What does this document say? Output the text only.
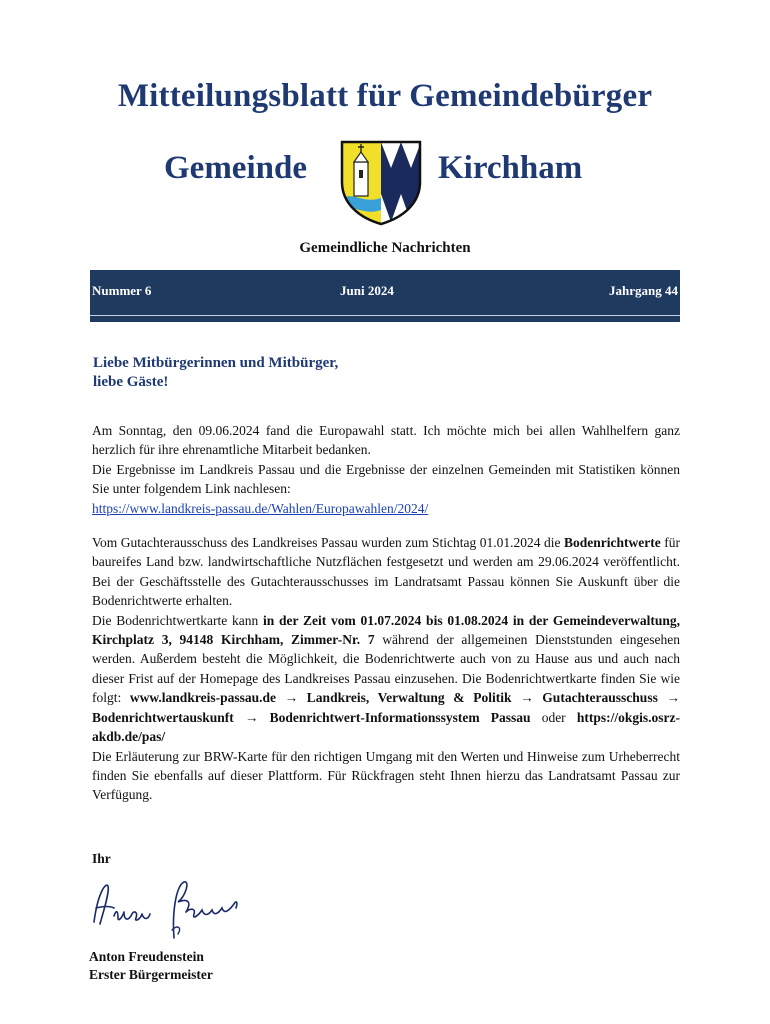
Mitteilungsblatt für Gemeindebürger
Gemeinde	Kirchham
Gemeindliche Nachrichten
Nummer 6	Juni 2024	Jahrgang 44
Liebe Mitbürgerinnen und Mitbürger,
liebe Gäste!

Am Sonntag, den 09.06.2024 fand die Europawahl statt. Ich möchte mich bei allen Wahlhelfern ganz herzlich für ihre ehrenamtliche Mitarbeit bedanken.

Die Ergebnisse im Landkreis Passau und die Ergebnisse der einzelnen Gemeinden mit Statistiken können Sie unter folgendem Link nachlesen:
https://www.landkreis-passau.de/Wahlen/Europawahlen/2024/

Vom Gutachterausschuss des Landkreises Passau wurden zum Stichtag 01.01.2024 die Bodenrichtwerte für baureifes Land bzw. landwirtschaftliche Nutzflächen festgesetzt und werden am 29.06.2024 veröffentlicht. Bei der Geschäftsstelle des Gutachterausschusses im Landratsamt Passau können Sie Auskunft über die Bodenrichtwerte erhalten.

Die Bodenrichtwertkarte kann in der Zeit vom 01.07.2024 bis 01.08.2024 in der Gemeindeverwaltung, Kirchplatz 3, 94148 Kirchham, Zimmer-Nr. 7 während der allgemeinen Dienststunden eingesehen werden. Außerdem besteht die Möglichkeit, die Bodenrichtwerte auch von zu Hause aus und auch nach dieser Frist auf der Homepage des Landkreises Passau einzusehen. Die Bodenrichtwertkarte finden Sie wie folgt: www.landkreis-passau.de → Landkreis, Verwaltung & Politik → Gutachterausschuss → Bodenrichtwertauskunft → Bodenrichtwert-Informationssystem Passau oder https://okgis.osrz-akdb.de/pas/

Die Erläuterung zur BRW-Karte für den richtigen Umgang mit den Werten und Hinweise zum Urheberrecht finden Sie ebenfalls auf dieser Plattform. Für Rückfragen steht Ihnen hierzu das Landratsamt Passau zur Verfügung.

Ihr
Anton Freudenstein
Erster Bürgermeister
